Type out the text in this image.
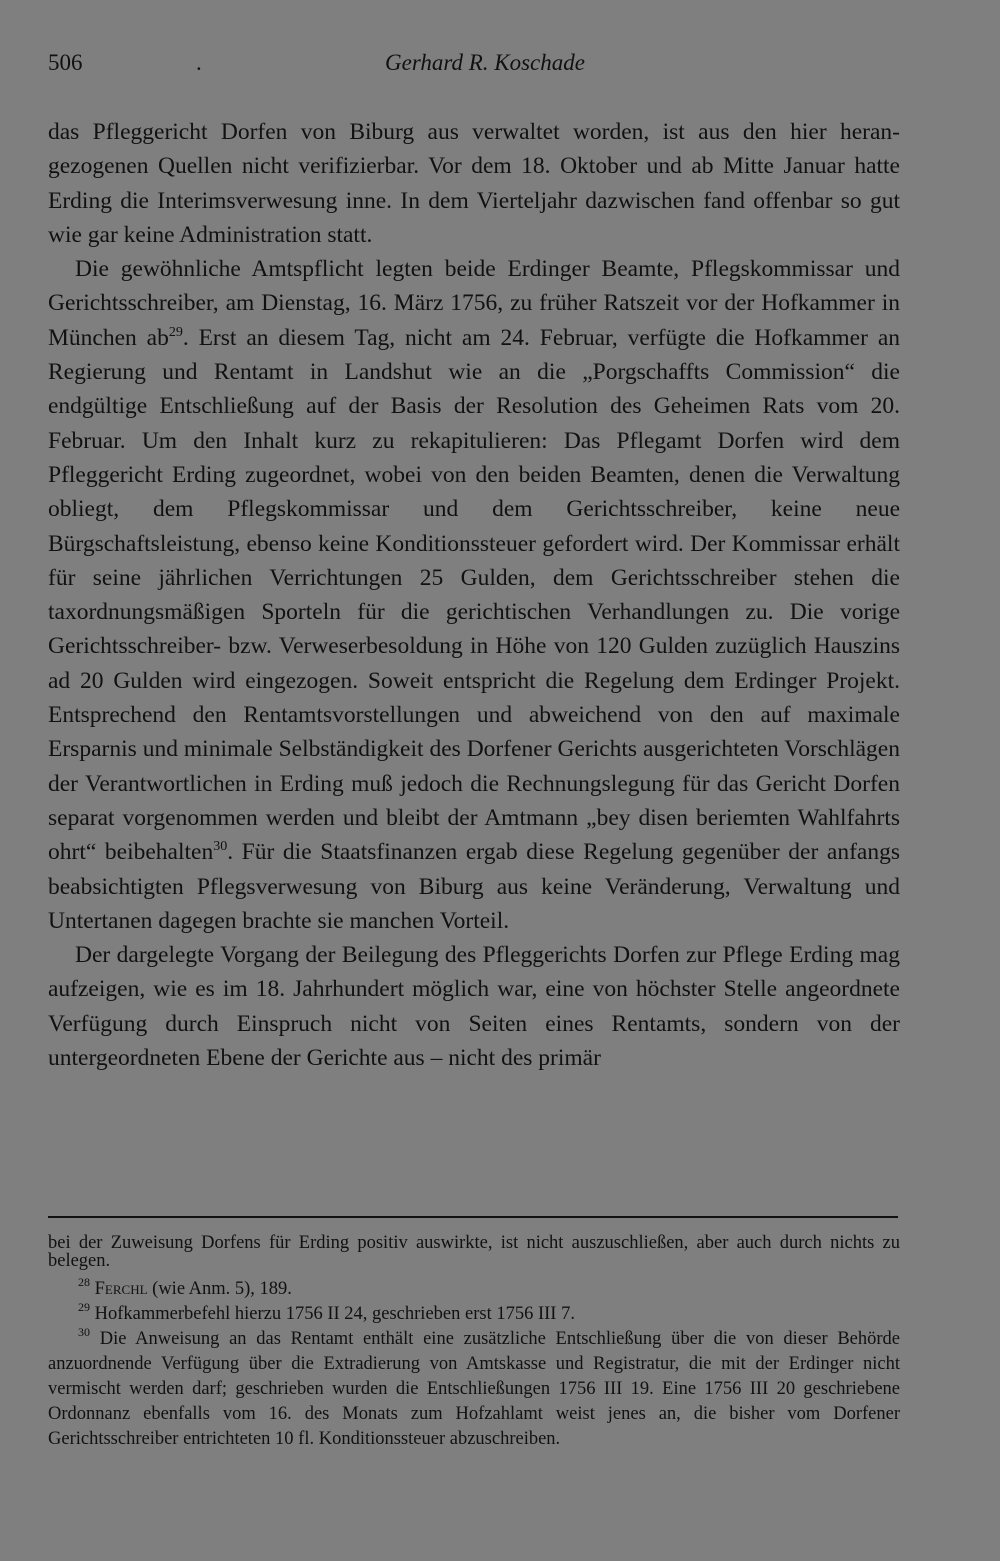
506	.	Gerhard R. Koschade

das Pfleggericht Dorfen von Biburg aus verwaltet worden, ist aus den hier herangezogenen Quellen nicht verifizierbar. Vor dem 18. Oktober und ab Mitte Januar hatte Erding die Interimsverwesung inne. In dem Vierteljahr dazwischen fand offenbar so gut wie gar keine Administration statt.

Die gewöhnliche Amtspflicht legten beide Erdinger Beamte, Pflegskommissar und Gerichtsschreiber, am Dienstag, 16. März 1756, zu früher Ratszeit vor der Hofkammer in München $ab^{29}$. Erst an diesem Tag, nicht am 24. Februar, verfügte die Hofkammer an Regierung und Rentamt in Landshut wie an die „Porgschaffts Commission“ die endgültige Entschließung auf der Basis der Resolution des Geheimen Rats vom 20. Februar. Um den Inhalt kurz zu rekapitulieren: Das Pflegamt Dorfen wird dem Pfleggericht Erding zugeordnet, wobei von den beiden Beamten, denen die Verwaltung obliegt, dem Pflegskommissar und dem Gerichtsschreiber, keine neue Bürgschaftsleistung, ebenso keine Konditionssteuer gefordert wird. Der Kommissar erhält für seine jährlichen Verrichtungen 25 Gulden, dem Gerichtsschreiber stehen die taxordnungsmäßigen Sporteln für die gerichtischen Verhandlungen zu. Die vorige Gerichtsschreiber- bzw. Verweserbesoldung in Höhe von 120 Gulden zuzüglich Hauszins ad 20 Gulden wird eingezogen. Soweit entspricht die Regelung dem Erdinger Projekt. Entsprechend den Rentamtsvorstellungen und abweichend von den auf maximale Ersparnis und minimale Selbständigkeit des Dorfener Gerichts ausgerichteten Vorschlägen der Verantwortlichen in Erding muß jedoch die Rechnungslegung für das Gericht Dorfen separat vorgenommen werden und bleibt der Amtmann „bey disen beriemten Wahlfahrts ohrt“ beibehalten$^{30}$. Für die Staatsfinanzen ergab diese Regelung gegenüber der anfangs beabsichtigten Pflegsverwesung von Biburg aus keine Veränderung, Verwaltung und Untertanen dagegen brachte sie manchen Vorteil.

Der dargelegte Vorgang der Beilegung des Pfleggerichts Dorfen zur Pflege Erding mag aufzeigen, wie es im 18. Jahrhundert möglich war, eine von höchster Stelle angeordnete Verfügung durch Einspruch nicht von Seiten eines Rentamts, sondern von der untergeordneten Ebene der Gerichte aus – nicht des primär

bei der Zuweisung Dorfens für Erding positiv auswirkte, ist nicht auszuschließen, aber auch durch nichts zu belegen.

$^{28}$ Ferchl (wie Anm. 5), 189.

$^{29}$ Hofkammerbefehl hierzu 1756 II 24, geschrieben erst 1756 III 7.

$^{30}$ Die Anweisung an das Rentamt enthält eine zusätzliche Entschließung über die von dieser Behörde anzuordnende Verfügung über die Extradierung von Amtskasse und Registratur, die mit der Erdinger nicht vermischt werden darf; geschrieben wurden die Entschließungen 1756 III 19. Eine 1756 III 20 geschriebene Ordonnanz ebenfalls vom 16. des Monats zum Hofzahlamt weist jenes an, die bisher vom Dorfener Gerichtsschreiber entrichteten 10 fl. Konditionssteuer abzuschreiben.
